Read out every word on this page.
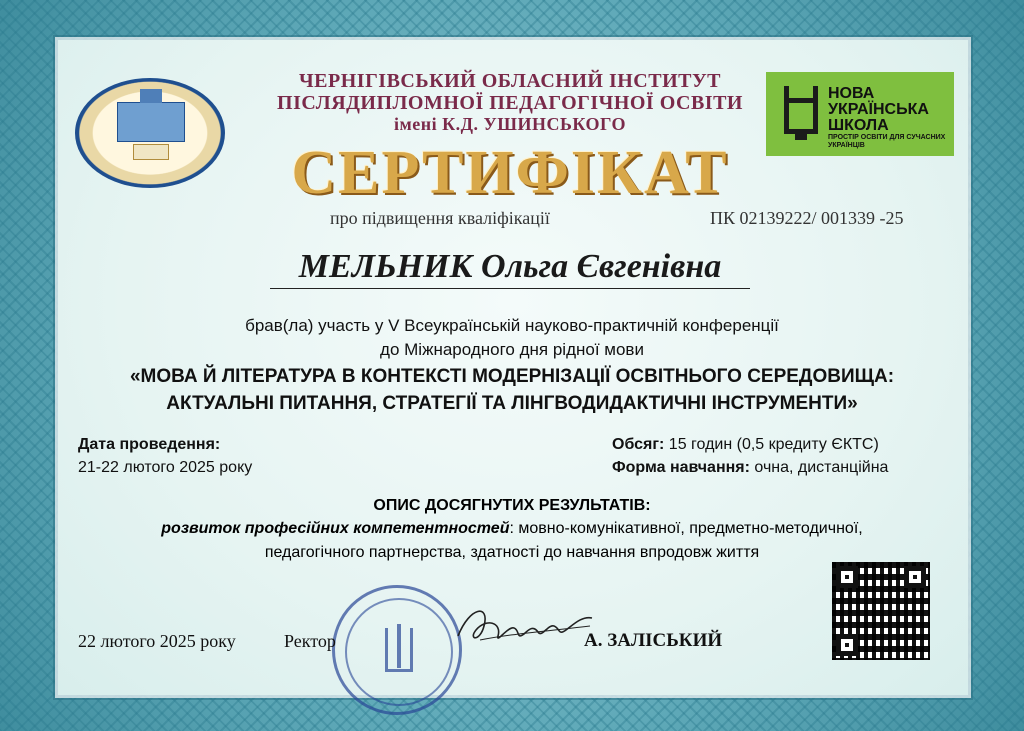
ЧЕРНІГІВСЬКИЙ ОБЛАСНИЙ ІНСТИТУТ
ПІСЛЯДИПЛОМНОЇ ПЕДАГОГІЧНОЇ ОСВІТИ
імені К.Д. УШИНСЬКОГО
НОВА
УКРАЇНСЬКА
ШКОЛА
ПРОСТІР ОСВІТИ ДЛЯ СУЧАСНИХ УКРАЇНЦІВ
СЕРТИФІКАТ
про підвищення кваліфікації	ПК 02139222/ 001339 -25
МЕЛЬНИК Ольга Євгенівна
брав(ла) участь у V Всеукраїнській науково-практичній конференції
до Міжнародного дня рідної мови
«МОВА Й ЛІТЕРАТУРА В КОНТЕКСТІ МОДЕРНІЗАЦІЇ ОСВІТНЬОГО СЕРЕДОВИЩА:
АКТУАЛЬНІ ПИТАННЯ, СТРАТЕГІЇ ТА ЛІНГВОДИДАКТИЧНІ ІНСТРУМЕНТИ»
Дата проведення:
21-22 лютого 2025 року
Обсяг: 15 годин (0,5 кредиту ЄКТС)
Форма навчання: очна, дистанційна
ОПИС ДОСЯГНУТИХ РЕЗУЛЬТАТІВ:
розвиток професійних компетентностей: мовно-комунікативної, предметно-методичної,
педагогічного партнерства, здатності до навчання впродовж життя
22 лютого 2025 року	Ректор	А. ЗАЛІСЬКИЙ
